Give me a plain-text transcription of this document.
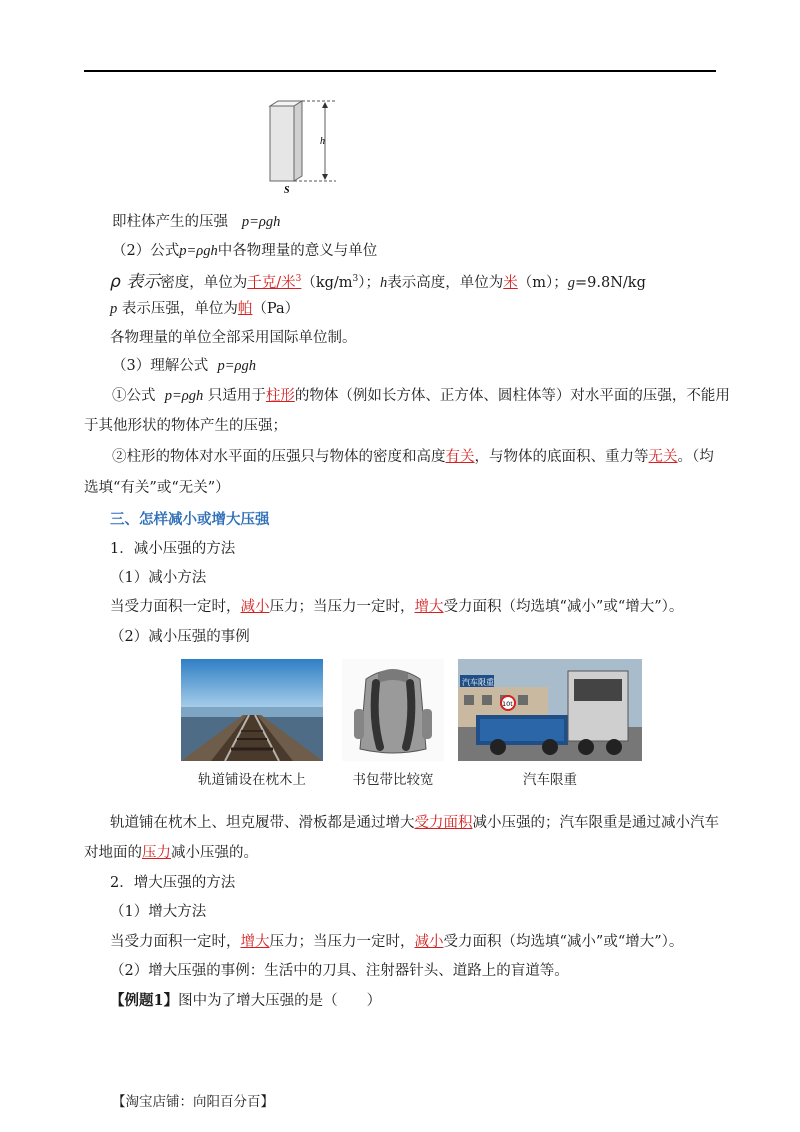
h
S
即柱体产生的压强 p=ρgh
（2）公式p=ρgh中各物理量的意义与单位
ρ 表示密度，单位为千克/米$^3(kg/m^3)$；h表示高度，单位为米（m）；g=9.8N/kg
p 表示压强，单位为帕（Pa）
各物理量的单位全部采用国际单位制。
（3）理解公式 p=ρgh
①公式 p=ρgh 只适用于柱形的物体（例如长方体、正方体、圆柱体等）对水平面的压强，不能用
于其他形状的物体产生的压强；
②柱形的物体对水平面的压强只与物体的密度和高度有关，与物体的底面积、重力等无关。（均
选填“有关”或“无关”）
三、怎样减小或增大压强
1．减小压强的方法
（1）减小方法
当受力面积一定时，减小压力；当压力一定时，增大受力面积（均选填“减小”或“增大”）。
（2）减小压强的事例
轨道铺设在枕木上	书包带比较宽
汽车限重
10t
汽车限重
轨道铺在枕木上、坦克履带、滑板都是通过增大受力面积减小压强的；汽车限重是通过减小汽车
对地面的压力减小压强的。
2．增大压强的方法
（1）增大方法
当受力面积一定时，增大压力；当压力一定时，减小受力面积（均选填“减小”或“增大”）。
（2）增大压强的事例：生活中的刀具、注射器针头、道路上的盲道等。
【例题1】图中为了增大压强的是（　　）
【淘宝店铺：向阳百分百】
